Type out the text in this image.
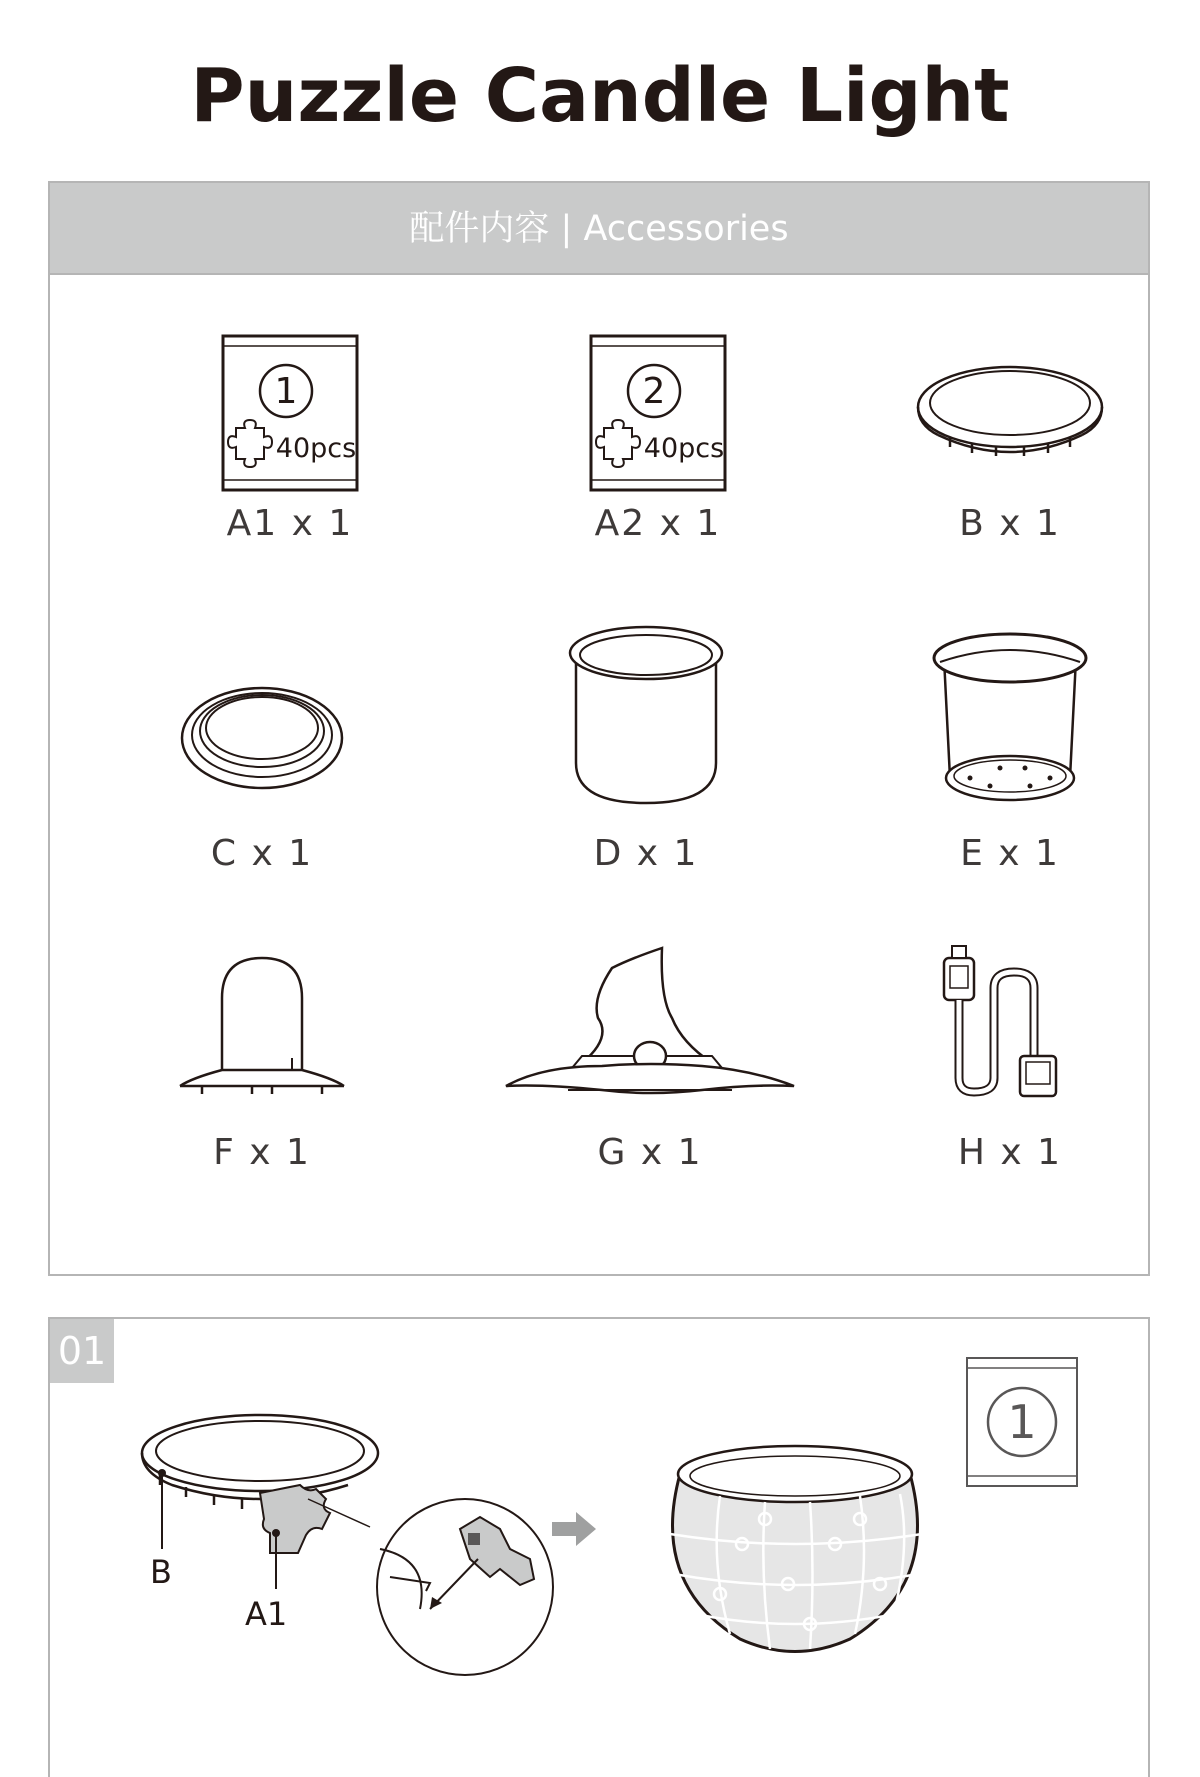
Puzzle Candle Light
配件内容 | Accessories
1
40pcs
A1 x 1
2
40pcs
A2 x 1	B x 1
C x 1	D x 1	E x 1
F x 1	G x 1	H x 1
01
1
B
A1
